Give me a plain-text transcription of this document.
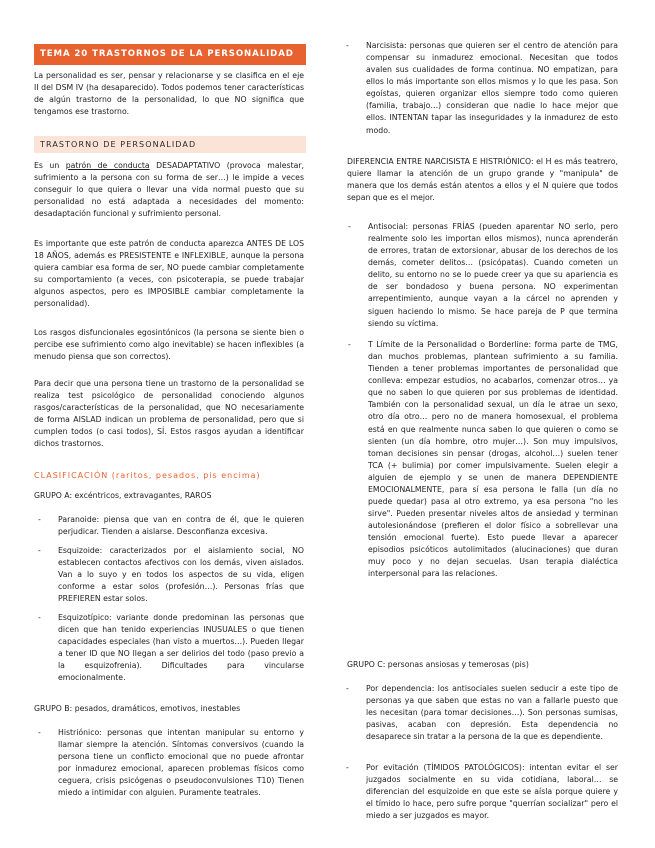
TEMA 20 TRASTORNOS DE LA PERSONALIDAD

La personalidad es ser, pensar y relacionarse y se clasifica en el eje II del DSM IV (ha desaparecido). Todos podemos tener características de algún trastorno de la personalidad, lo que NO significa que tengamos ese trastorno.

TRASTORNO DE PERSONALIDAD

Es un patrón de conducta DESADAPTATIVO (provoca malestar, sufrimiento a la persona con su forma de ser…) le impide a veces conseguir lo que quiera o llevar una vida normal puesto que su personalidad no está adaptada a necesidades del momento: desadaptación funcional y sufrimiento personal.

Es importante que este patrón de conducta aparezca ANTES DE LOS 18 AÑOS, además es PRESISTENTE e INFLEXIBLE, aunque la persona quiera cambiar esa forma de ser, NO puede cambiar completamente su comportamiento (a veces, con psicoterapia, se puede trabajar algunos aspectos, pero es IMPOSIBLE cambiar completamente la personalidad).

Los rasgos disfuncionales egosintónicos (la persona se siente bien o percibe ese sufrimiento como algo inevitable) se hacen inflexibles (a menudo piensa que son correctos).

Para decir que una persona tiene un trastorno de la personalidad se realiza test psicológico de personalidad conociendo algunos rasgos/características de la personalidad, que NO necesariamente de forma AISLAD indican un problema de personalidad, pero que si cumplen todos (o casi todos), SÍ. Estos rasgos ayudan a identificar dichos trastornos.

CLASIFICACIÓN (raritos, pesados, pis encima)
GRUPO A: excéntricos, extravagantes, RAROS
- Paranoide: piensa que van en contra de él, que le quieren perjudicar. Tienden a aislarse. Desconfianza excesiva.
- Esquizoide: caracterizados por el aislamiento social, NO establecen contactos afectivos con los demás, viven aislados. Van a lo suyo y en todos los aspectos de su vida, eligen conforme a estar solos (profesión…). Personas frías que PREFIEREN estar solos.
- Esquizotípico: variante donde predominan las personas que dicen que han tenido experiencias INUSUALES o que tienen capacidades especiales (han visto a muertos…). Pueden llegar a tener ID que NO llegan a ser delirios del todo (paso previo a la esquizofrenia). Dificultades para vincularse emocionalmente.
GRUPO B: pesados, dramáticos, emotivos, inestables
- Histriónico: personas que intentan manipular su entorno y llamar siempre la atención. Síntomas conversivos (cuando la persona tiene un conflicto emocional que no puede afrontar por inmadurez emocional, aparecen problemas físicos como ceguera, crisis psicógenas o pseudoconvulsiones T10) Tienen miedo a intimidar con alguien. Puramente teatrales.
- Narcisista: personas que quieren ser el centro de atención para compensar su inmadurez emocional. Necesitan que todos avalen sus cualidades de forma continua. NO empatizan, para ellos lo más importante son ellos mismos y lo que les pasa. Son egoístas, quieren organizar ellos siempre todo como quieren (familia, trabajo…) consideran que nadie lo hace mejor que ellos. INTENTAN tapar las inseguridades y la inmadurez de esto modo.

DIFERENCIA ENTRE NARCISISTA E HISTRIÓNICO: el H es más teatrero, quiere llamar la atención de un grupo grande y "manipula" de manera que los demás están atentos a ellos y el N quiere que todos sepan que es el mejor.

- Antisocial: personas FRÍAS (pueden aparentar NO serlo, pero realmente solo les importan ellos mismos), nunca aprenderán de errores, tratan de extorsionar, abusar de los derechos de los demás, cometer delitos… (psicópatas). Cuando cometen un delito, su entorno no se lo puede creer ya que su apariencia es de ser bondadoso y buena persona. NO experimentan arrepentimiento, aunque vayan a la cárcel no aprenden y siguen haciendo lo mismo. Se hace pareja de P que termina siendo su víctima.
- T Límite de la Personalidad o Borderline: forma parte de TMG, dan muchos problemas, plantean sufrimiento a su familia. Tienden a tener problemas importantes de personalidad que conlleva: empezar estudios, no acabarlos, comenzar otros… ya que no saben lo que quieren por sus problemas de identidad. También con la personalidad sexual, un día le atrae un sexo, otro día otro… pero no de manera homosexual, el problema está en que realmente nunca saben lo que quieren o como se sienten (un día hombre, otro mujer…). Son muy impulsivos, toman decisiones sin pensar (drogas, alcohol…) suelen tener TCA (+ bulimia) por comer impulsivamente. Suelen elegir a alguien de ejemplo y se unen de manera DEPENDIENTE EMOCIONALMENTE, para sí esa persona le falla (un día no puede quedar) pasa al otro extremo, ya esa persona "no les sirve". Pueden presentar niveles altos de ansiedad y terminan autolesionándose (prefieren el dolor físico a sobrellevar una tensión emocional fuerte). Esto puede llevar a aparecer episodios psicóticos autolimitados (alucinaciones) que duran muy poco y no dejan secuelas. Usan terapia dialéctica interpersonal para las relaciones.
GRUPO C: personas ansiosas y temerosas (pis)
- Por dependencia: los antisociales suelen seducir a este tipo de personas ya que saben que estas no van a fallarle puesto que les necesitan (para tomar decisiones…). Son personas sumisas, pasivas, acaban con depresión. Esta dependencia no desaparece sin tratar a la persona de la que es dependiente.
- Por evitación (TÍMIDOS PATOLÓGICOS): intentan evitar el ser juzgados socialmente en su vida cotidiana, laboral… se diferencian del esquizoide en que este se aísla porque quiere y el tímido lo hace, pero sufre porque "querrían socializar" pero el miedo a ser juzgados es mayor.
